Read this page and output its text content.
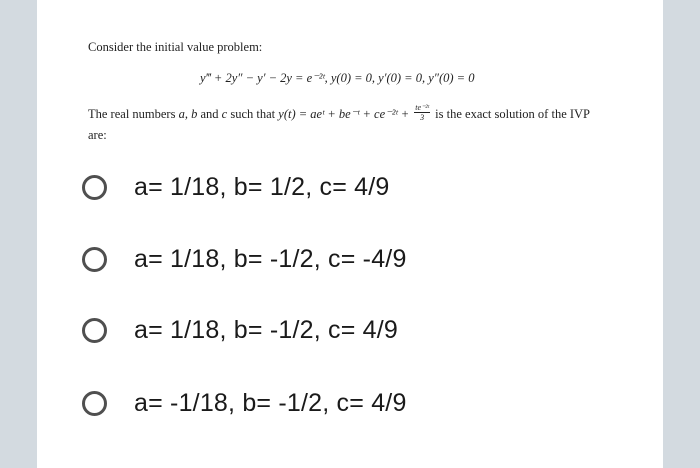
Consider the initial value problem:
y‴ + 2y″ − y′ − 2y = e⁻²ᵗ, y(0) = 0, y′(0) = 0, y″(0) = 0
The real numbers a, b and c such that y(t) = aeᵗ + be⁻ᵗ + ce⁻²ᵗ + $\frac{\text{te⁻²ᵗ}}{3}$ is the exact solution of the IVP are:
a= 1/18, b= 1/2, c= 4/9
a= 1/18, b= -1/2, c= -4/9
a= 1/18, b= -1/2, c= 4/9
a= -1/18, b= -1/2, c= 4/9
